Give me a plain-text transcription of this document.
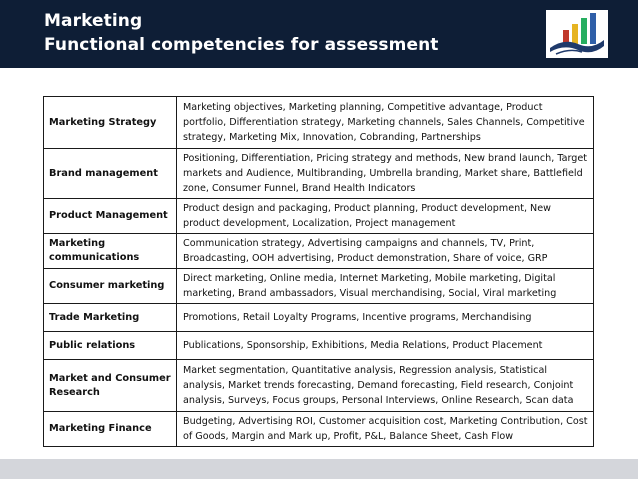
Marketing
Functional competencies for assessment
Marketing Strategy	Marketing objectives, Marketing planning, Competitive advantage, Product portfolio, Differentiation strategy, Marketing channels, Sales Channels, Competitive strategy, Marketing Mix, Innovation, Cobranding, Partnerships
Brand management	Positioning, Differentiation, Pricing strategy and methods, New brand launch, Target markets and Audience, Multibranding, Umbrella branding, Market share, Battlefield zone, Consumer Funnel, Brand Health Indicators
Product Management	Product design and packaging, Product planning, Product development, New product development, Localization, Project management
Marketing communications	Communication strategy, Advertising campaigns and channels, TV, Print, Broadcasting, OOH advertising, Product demonstration, Share of voice, GRP
Consumer marketing	Direct marketing, Online media, Internet Marketing, Mobile marketing, Digital marketing, Brand ambassadors, Visual merchandising, Social, Viral marketing
Trade Marketing	Promotions, Retail Loyalty Programs, Incentive programs, Merchandising
Public relations	Publications, Sponsorship, Exhibitions, Media Relations, Product Placement
Market and Consumer Research	Market segmentation, Quantitative analysis, Regression analysis, Statistical analysis, Market trends forecasting, Demand forecasting, Field research, Conjoint analysis, Surveys, Focus groups, Personal Interviews, Online Research, Scan data
Marketing Finance	Budgeting, Advertising ROI, Customer acquisition cost, Marketing Contribution, Cost of Goods, Margin and Mark up, Profit, P&L, Balance Sheet, Cash Flow
